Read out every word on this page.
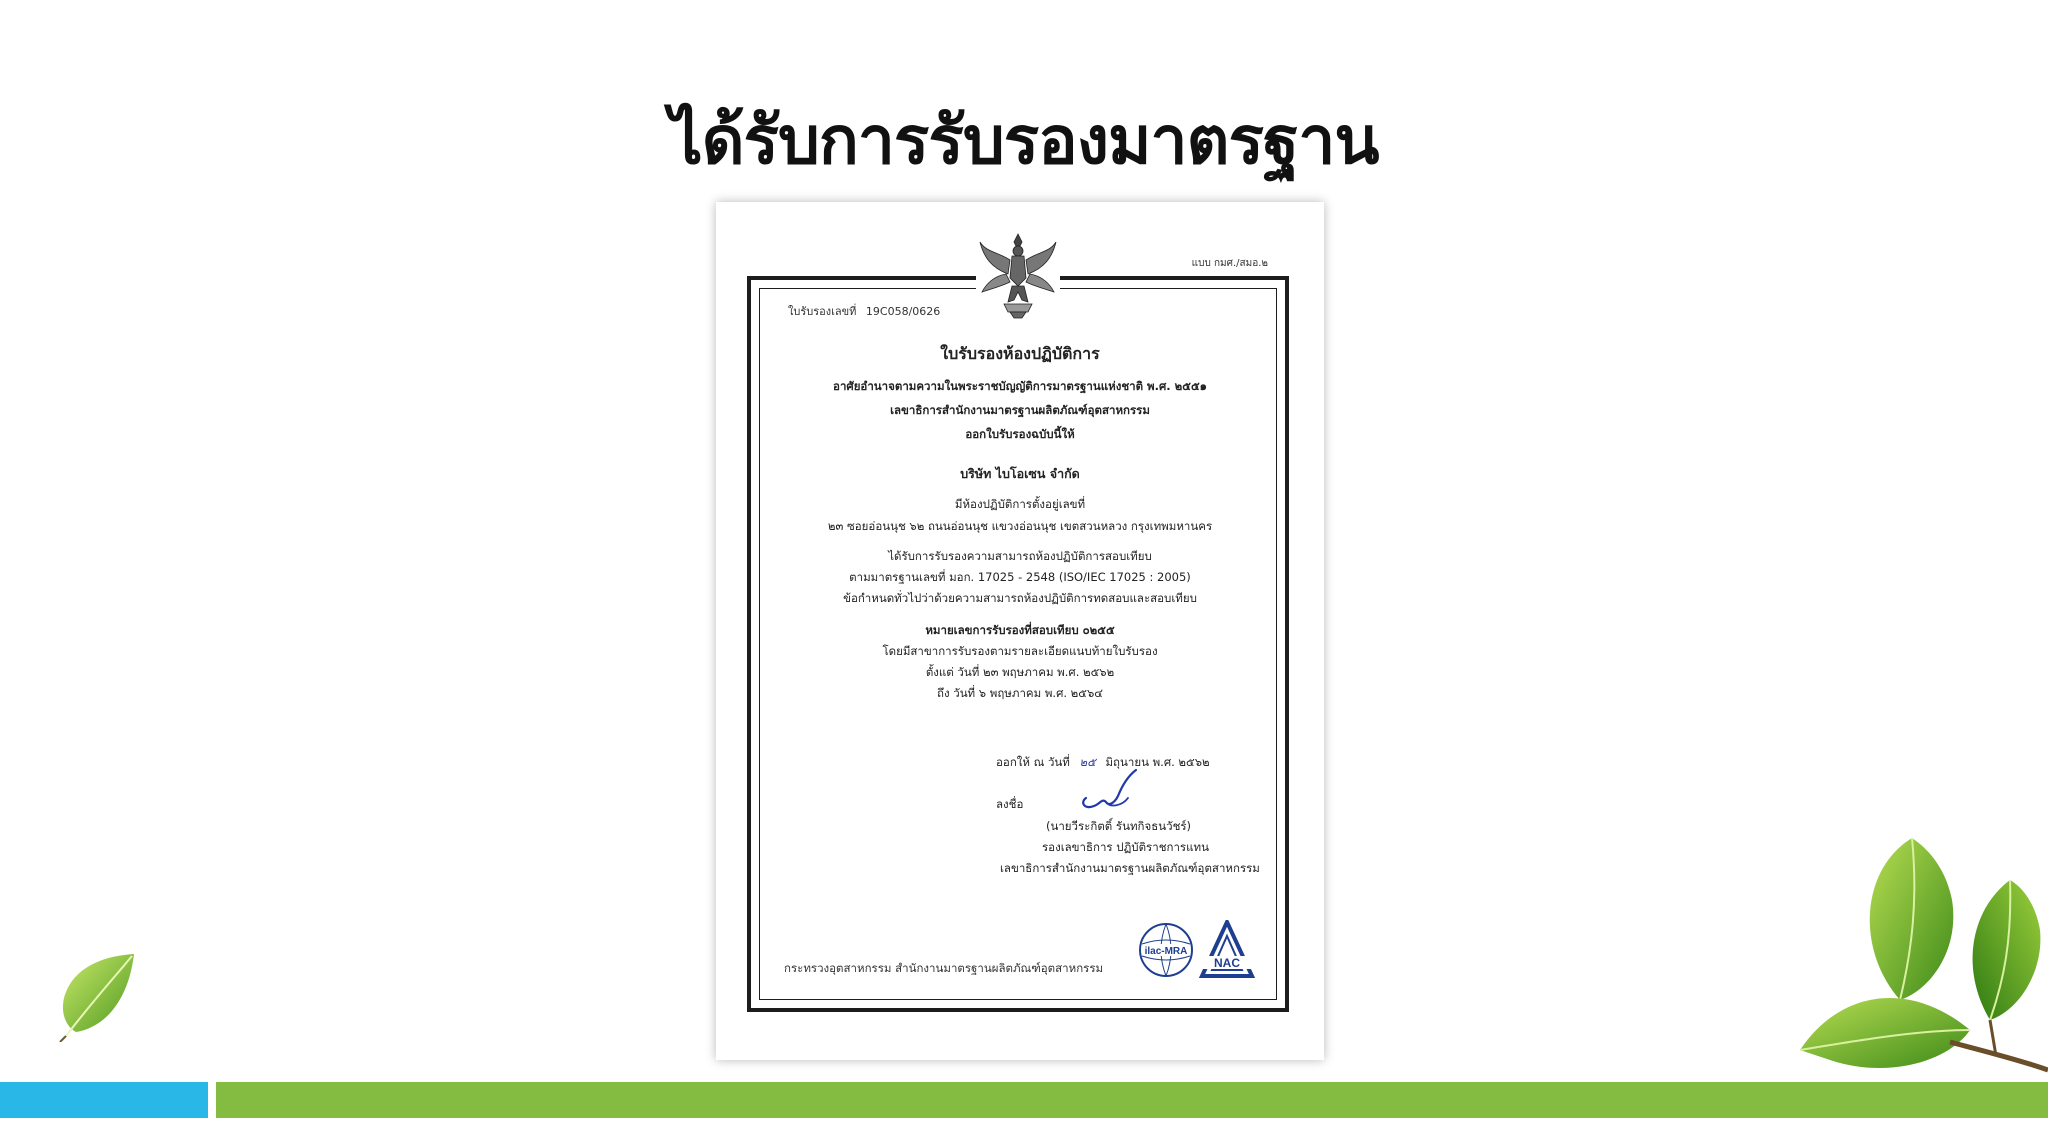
ได้รับการรับรองมาตรฐาน
แบบ กมศ./สมอ.๒
ใบรับรองเลขที่ 19C058/0626
ใบรับรองห้องปฏิบัติการ
อาศัยอำนาจตามความในพระราชบัญญัติการมาตรฐานแห่งชาติ พ.ศ. ๒๕๕๑
เลขาธิการสำนักงานมาตรฐานผลิตภัณฑ์อุตสาหกรรม
ออกใบรับรองฉบับนี้ให้
บริษัท ไบโอเซน จำกัด
มีห้องปฏิบัติการตั้งอยู่เลขที่
๒๓ ซอยอ่อนนุช ๖๒ ถนนอ่อนนุช แขวงอ่อนนุช เขตสวนหลวง กรุงเทพมหานคร
ได้รับการรับรองความสามารถห้องปฏิบัติการสอบเทียบ
ตามมาตรฐานเลขที่ มอก. 17025 - 2548 (ISO/IEC 17025 : 2005)
ข้อกำหนดทั่วไปว่าด้วยความสามารถห้องปฏิบัติการทดสอบและสอบเทียบ
หมายเลขการรับรองที่สอบเทียบ ๐๒๕๕
โดยมีสาขาการรับรองตามรายละเอียดแนบท้ายใบรับรอง
ตั้งแต่ วันที่ ๒๓ พฤษภาคม พ.ศ. ๒๕๖๒
ถึง วันที่ ๖ พฤษภาคม พ.ศ. ๒๕๖๔
ออกให้ ณ วันที่ ๒๕ มิถุนายน พ.ศ. ๒๕๖๒
ลงชื่อ
(นายวีระกิตติ์ รันทกิจธนวัชร์)
รองเลขาธิการ ปฏิบัติราชการแทน
เลขาธิการสำนักงานมาตรฐานผลิตภัณฑ์อุตสาหกรรม
กระทรวงอุตสาหกรรม สำนักงานมาตรฐานผลิตภัณฑ์อุตสาหกรรม
ilac-MRA
NAC
